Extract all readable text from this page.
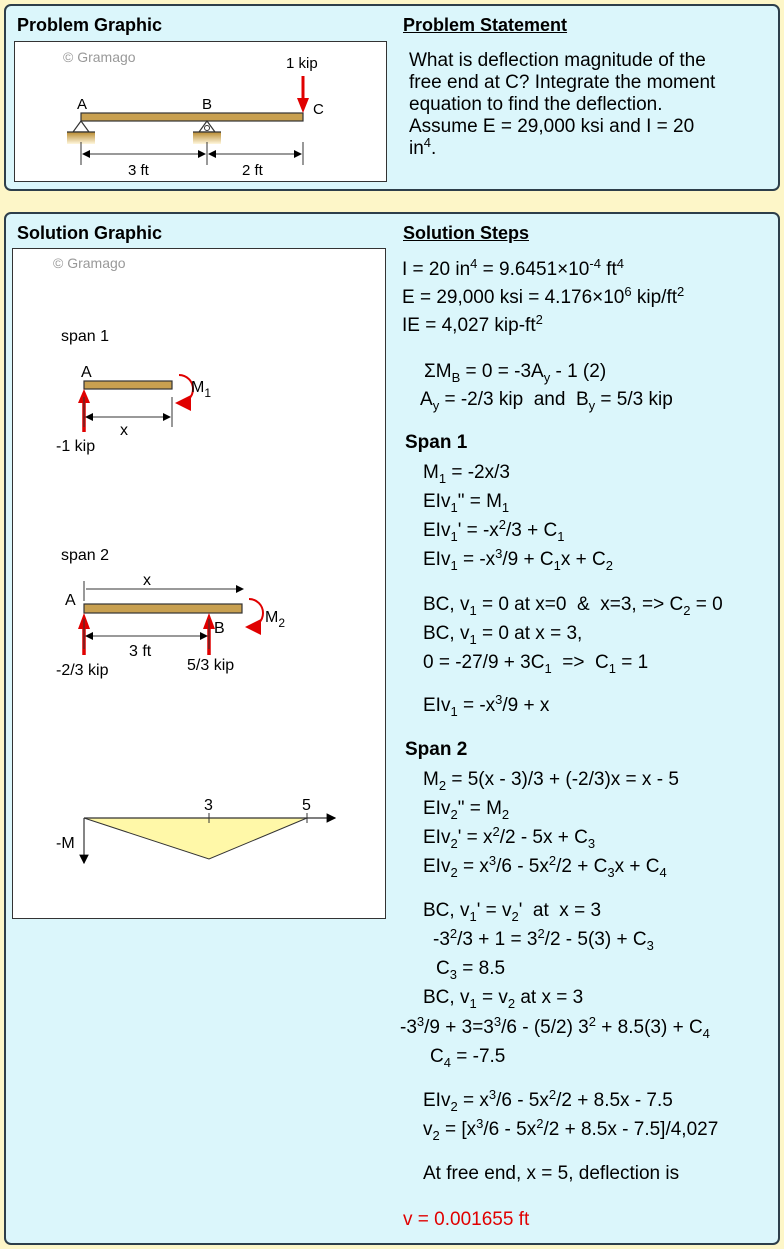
Problem Graphic	Problem Statement
© Gramago	1 kip
A	B	C
3 ft	2 ft
What is deflection magnitude of the
free end at C? Integrate the moment
equation to find the deflection.
Assume E = 29,000 ksi and I = 20
$in^4$.
Solution Graphic	Solution Steps
© Gramago
span 1
A
$M_1$
x
-1 kip
span 2
x
A
B
$M_2$
3 ft
-2/3 kip	5/3 kip
3	5
-M
I = 20 $in^4 = 9.6451\times 10^{-4}$ $ft^4$
E = 29,000 ksi = $4.176\times 10^6$ kip/$ft^2$
IE = 4,027 kip-$ft^2$
$\Sigma M_B = 0 = -3A_y - 1$ (2)
$A_y = -2/3$ kip  and  $B_y = 5/3$ kip
Span 1
$M_1 = -2x/3$
EIv$_1$" = $M_1$
$EIv_1' = -x^2/3 + C_1$
$EIv_1 = -x^3/9 + C_1x + C_2$
BC, $v_1 = 0$ at x=0  &  x=3, => $C_2 = 0$
BC, $v_1 = 0$ at x = 3,
$0 = -27/9 + 3C_1 => C_1 = 1$
$EIv_1 = -x^3/9 + x$
Span 2
$M_2 = 5(x - 3)/3 + (-2/3)x = x - 5$
EIv$_2$" = $M_2$
$EIv_2' = x^2/2 - 5x + C_3$
$EIv_2 = x^3/6 - 5x^2/2 + C_3x + C_4$
BC, $v_1' = v_2'$  at  x = 3
$-3^2/3 + 1 = 3^2/2 - 5(3) + C_3$
$C_3 = 8.5$
BC, $v_1 = v_2$ at x = 3
$-3^3/9 + 3=3^3/6 - (5/2) 3^2 + 8.5(3) + C_4$
$C_4 = -7.5$
$EIv_2 = x^3/6 - 5x^2/2 + 8.5x - 7.5$
$v_2 = [x^3/6 - 5x^2/2 + 8.5x - 7.5]/4,027$
At free end, x = 5, deflection is
v = 0.001655 ft
